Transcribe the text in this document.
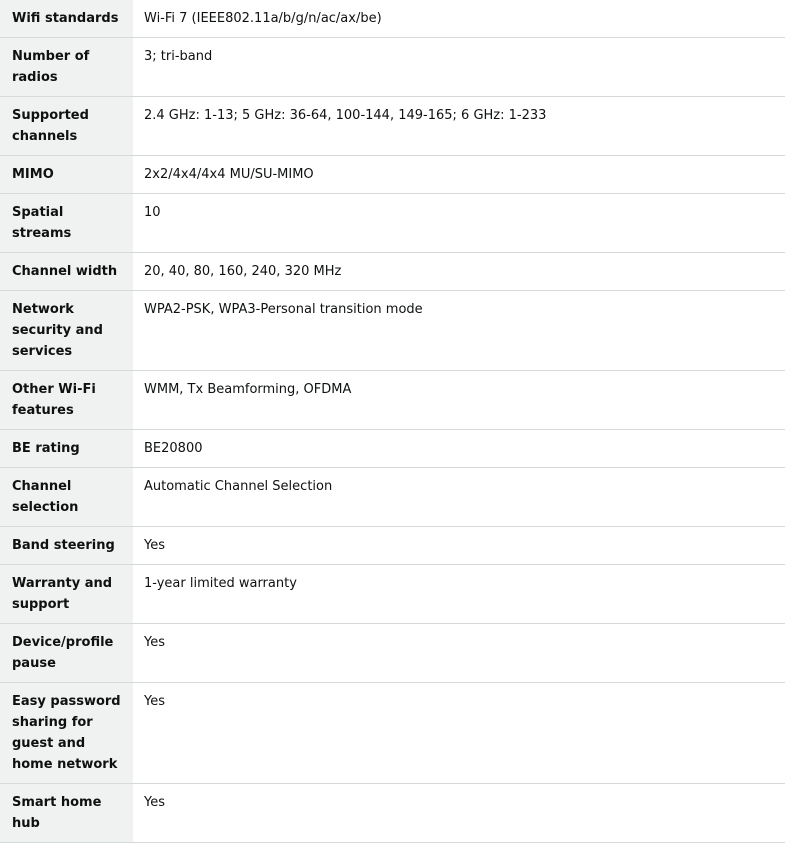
Wifi standards	Wi-Fi 7 (IEEE802.11a/b/g/n/ac/ax/be)
Number of radios	3; tri-band
Supported channels	2.4 GHz: 1-13; 5 GHz: 36-64, 100-144, 149-165; 6 GHz: 1-233
MIMO	2x2/4x4/4x4 MU/SU-MIMO
Spatial streams	10
Channel width	20, 40, 80, 160, 240, 320 MHz
Network security and services	WPA2-PSK, WPA3-Personal transition mode
Other Wi-Fi features	WMM, Tx Beamforming, OFDMA
BE rating	BE20800
Channel selection	Automatic Channel Selection
Band steering	Yes
Warranty and support	1-year limited warranty
Device/profile pause	Yes
Easy password sharing for guest and home network	Yes
Smart home hub	Yes
